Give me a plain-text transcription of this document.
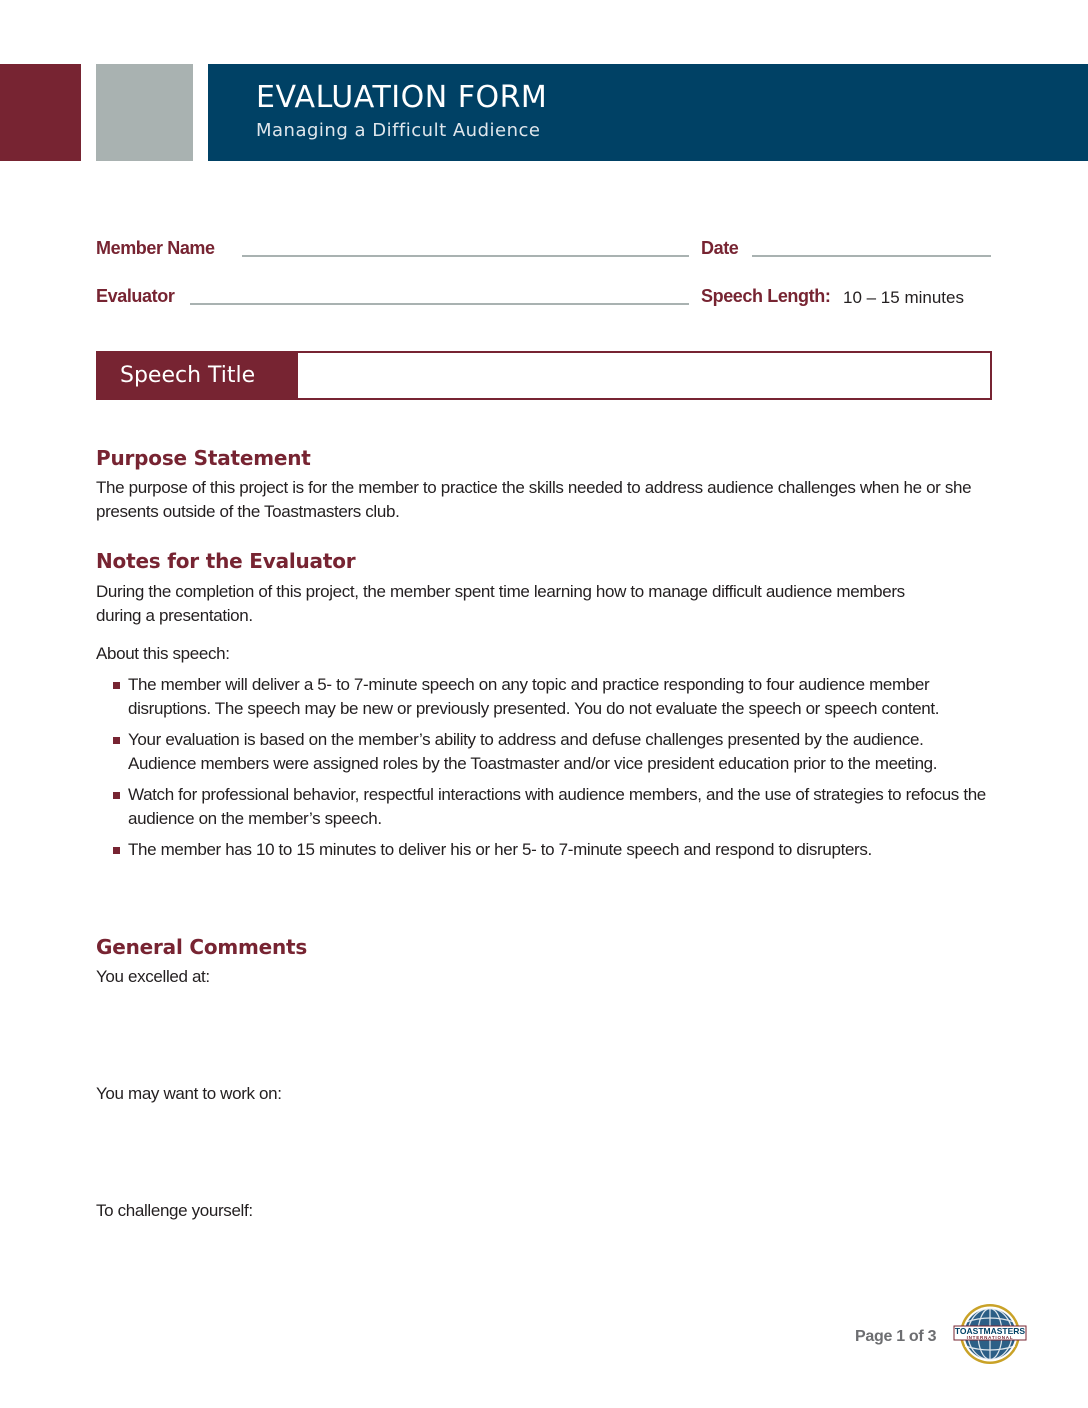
EVALUATION FORM
Managing a Difficult Audience
Member Name	Date
Evaluator	Speech Length: 10 – 15 minutes
Speech Title
Purpose Statement
The purpose of this project is for the member to practice the skills needed to address audience challenges when he or she presents outside of the Toastmasters club.
Notes for the Evaluator
During the completion of this project, the member spent time learning how to manage difficult audience members during a presentation.
About this speech:
The member will deliver a 5- to 7-minute speech on any topic and practice responding to four audience member disruptions. The speech may be new or previously presented. You do not evaluate the speech or speech content.
Your evaluation is based on the member’s ability to address and defuse challenges presented by the audience. Audience members were assigned roles by the Toastmaster and/or vice president education prior to the meeting.
Watch for professional behavior, respectful interactions with audience members, and the use of strategies to refocus the audience on the member’s speech.
The member has 10 to 15 minutes to deliver his or her 5- to 7-minute speech and respond to disrupters.
General Comments
You excelled at:
You may want to work on:
To challenge yourself:
Page 1 of 3 TOASTMASTERS
INTERNATIONAL
